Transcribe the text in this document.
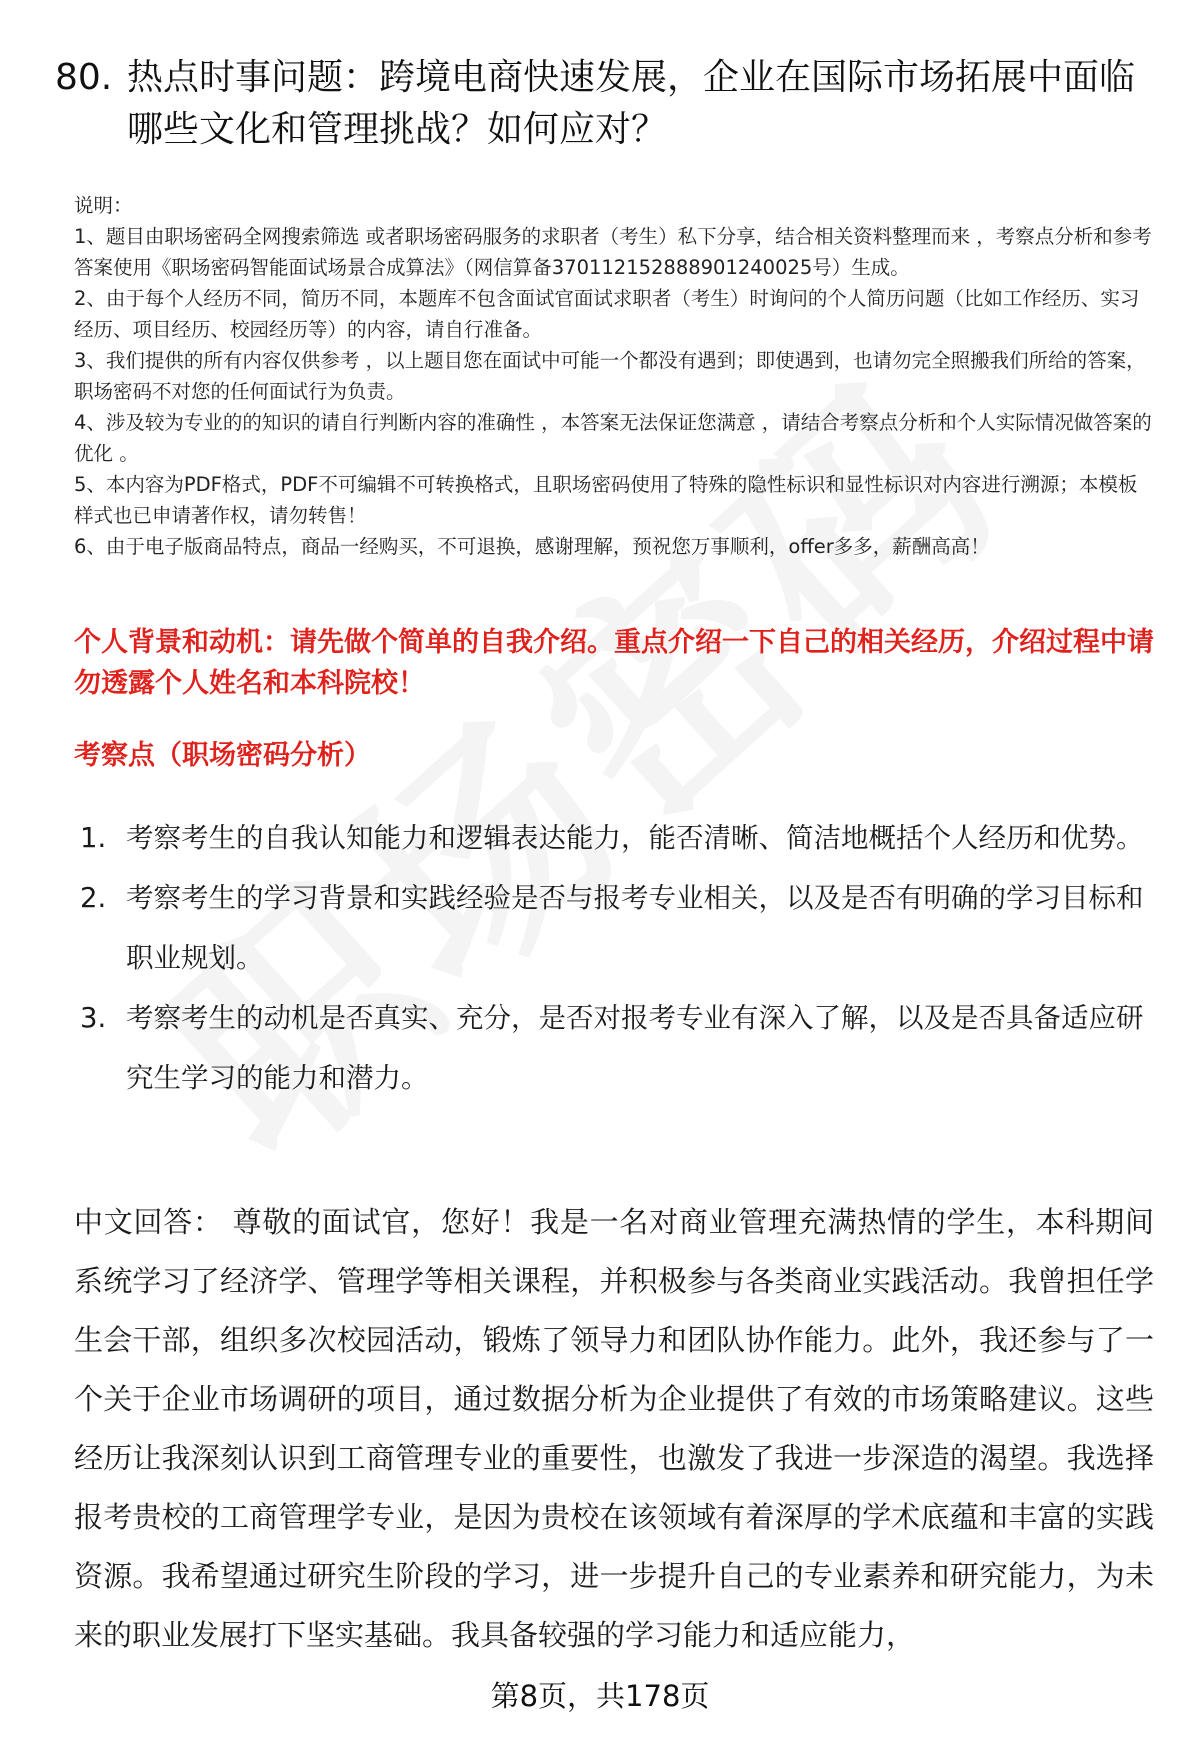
80. 热点时事问题：跨境电商快速发展，企业在国际市场拓展中面临哪些文化和管理挑战？如何应对？
说明：
1、题目由职场密码全网搜索筛选 或者职场密码服务的求职者（考生）私下分享，结合相关资料整理而来 ，考察点分析和参考答案使用《职场密码智能面试场景合成算法》（网信算备370112152888901240025号）生成。
2、由于每个人经历不同，简历不同，本题库不包含面试官面试求职者（考生）时询问的个人简历问题（比如工作经历、实习经历、项目经历、校园经历等）的内容，请自行准备。
3、我们提供的所有内容仅供参考 ，以上题目您在面试中可能一个都没有遇到；即使遇到，也请勿完全照搬我们所给的答案，职场密码不对您的任何面试行为负责。
4、涉及较为专业的的知识的请自行判断内容的准确性 ，本答案无法保证您满意 ，请结合考察点分析和个人实际情况做答案的优化 。
5、本内容为PDF格式，PDF不可编辑不可转换格式，且职场密码使用了特殊的隐性标识和显性标识对内容进行溯源；本模板样式也已申请著作权，请勿转售！
6、由于电子版商品特点，商品一经购买，不可退换，感谢理解，预祝您万事顺利，offer多多，薪酬高高！
个人背景和动机：请先做个简单的自我介绍。重点介绍一下自己的相关经历，介绍过程中请勿透露个人姓名和本科院校！
考察点（职场密码分析）
1. 考察考生的自我认知能力和逻辑表达能力，能否清晰、简洁地概括个人经历和优势。
2. 考察考生的学习背景和实践经验是否与报考专业相关，以及是否有明确的学习目标和职业规划。
3. 考察考生的动机是否真实、充分，是否对报考专业有深入了解，以及是否具备适应研究生学习的能力和潜力。
中文回答： 尊敬的面试官，您好！我是一名对商业管理充满热情的学生，本科期间系统学习了经济学、管理学等相关课程，并积极参与各类商业实践活动。我曾担任学生会干部，组织多次校园活动，锻炼了领导力和团队协作能力。此外，我还参与了一个关于企业市场调研的项目，通过数据分析为企业提供了有效的市场策略建议。这些经历让我深刻认识到工商管理专业的重要性，也激发了我进一步深造的渴望。我选择报考贵校的工商管理学专业，是因为贵校在该领域有着深厚的学术底蕴和丰富的实践资源。我希望通过研究生阶段的学习，进一步提升自己的专业素养和研究能力，为未来的职业发展打下坚实基础。我具备较强的学习能力和适应能力，
第8页，共178页
